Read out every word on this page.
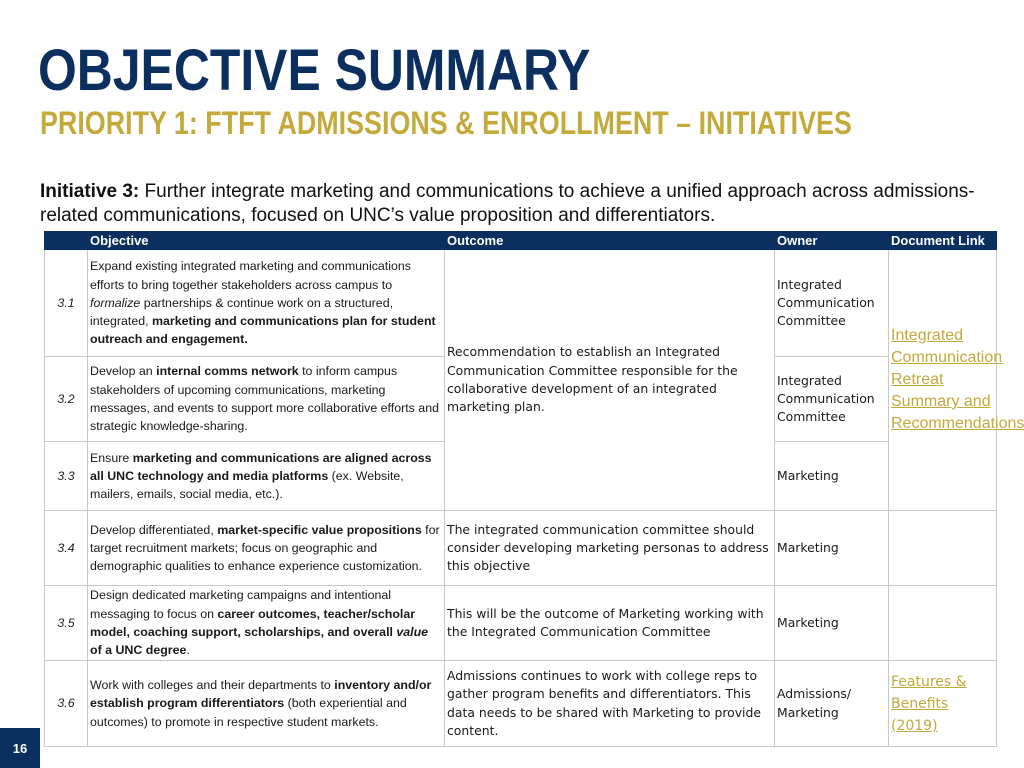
OBJECTIVE SUMMARY
PRIORITY 1: FTFT ADMISSIONS & ENROLLMENT – INITIATIVES

Initiative 3: Further integrate marketing and communications to achieve a unified approach across admissions-related communications, focused on UNC’s value proposition and differentiators.

	Objective	Outcome	Owner	Document Link
3.1	Expand existing integrated marketing and communications efforts to bring together stakeholders across campus to formalize partnerships & continue work on a structured, integrated, marketing and communications plan for student outreach and engagement.	Recommendation to establish an Integrated Communication Committee responsible for the collaborative development of an integrated marketing plan.	Integrated Communication Committee	Integrated Communication Retreat Summary and Recommendations

3.2	Develop an internal comms network to inform campus stakeholders of upcoming communications, marketing messages, and events to support more collaborative efforts and strategic knowledge-sharing.		Integrated Communication Committee	
3.3	Ensure marketing and communications are aligned across all UNC technology and media platforms (ex. Website, mailers, emails, social media, etc.).		Marketing	
3.4	Develop differentiated, market-specific value propositions for target recruitment markets; focus on geographic and demographic qualities to enhance experience customization.	The integrated communication committee should consider developing marketing personas to address this objective	Marketing	
3.5	Design dedicated marketing campaigns and intentional messaging to focus on career outcomes, teacher/scholar model, coaching support, scholarships, and overall value of a UNC degree.	This will be the outcome of Marketing working with the Integrated Communication Committee	Marketing	
3.6	Work with colleges and their departments to inventory and/or establish program differentiators (both experiential and outcomes) to promote in respective student markets.	Admissions continues to work with college reps to gather program benefits and differentiators. This data needs to be shared with Marketing to provide content.	Admissions/ Marketing	Features & Benefits (2019)
16
